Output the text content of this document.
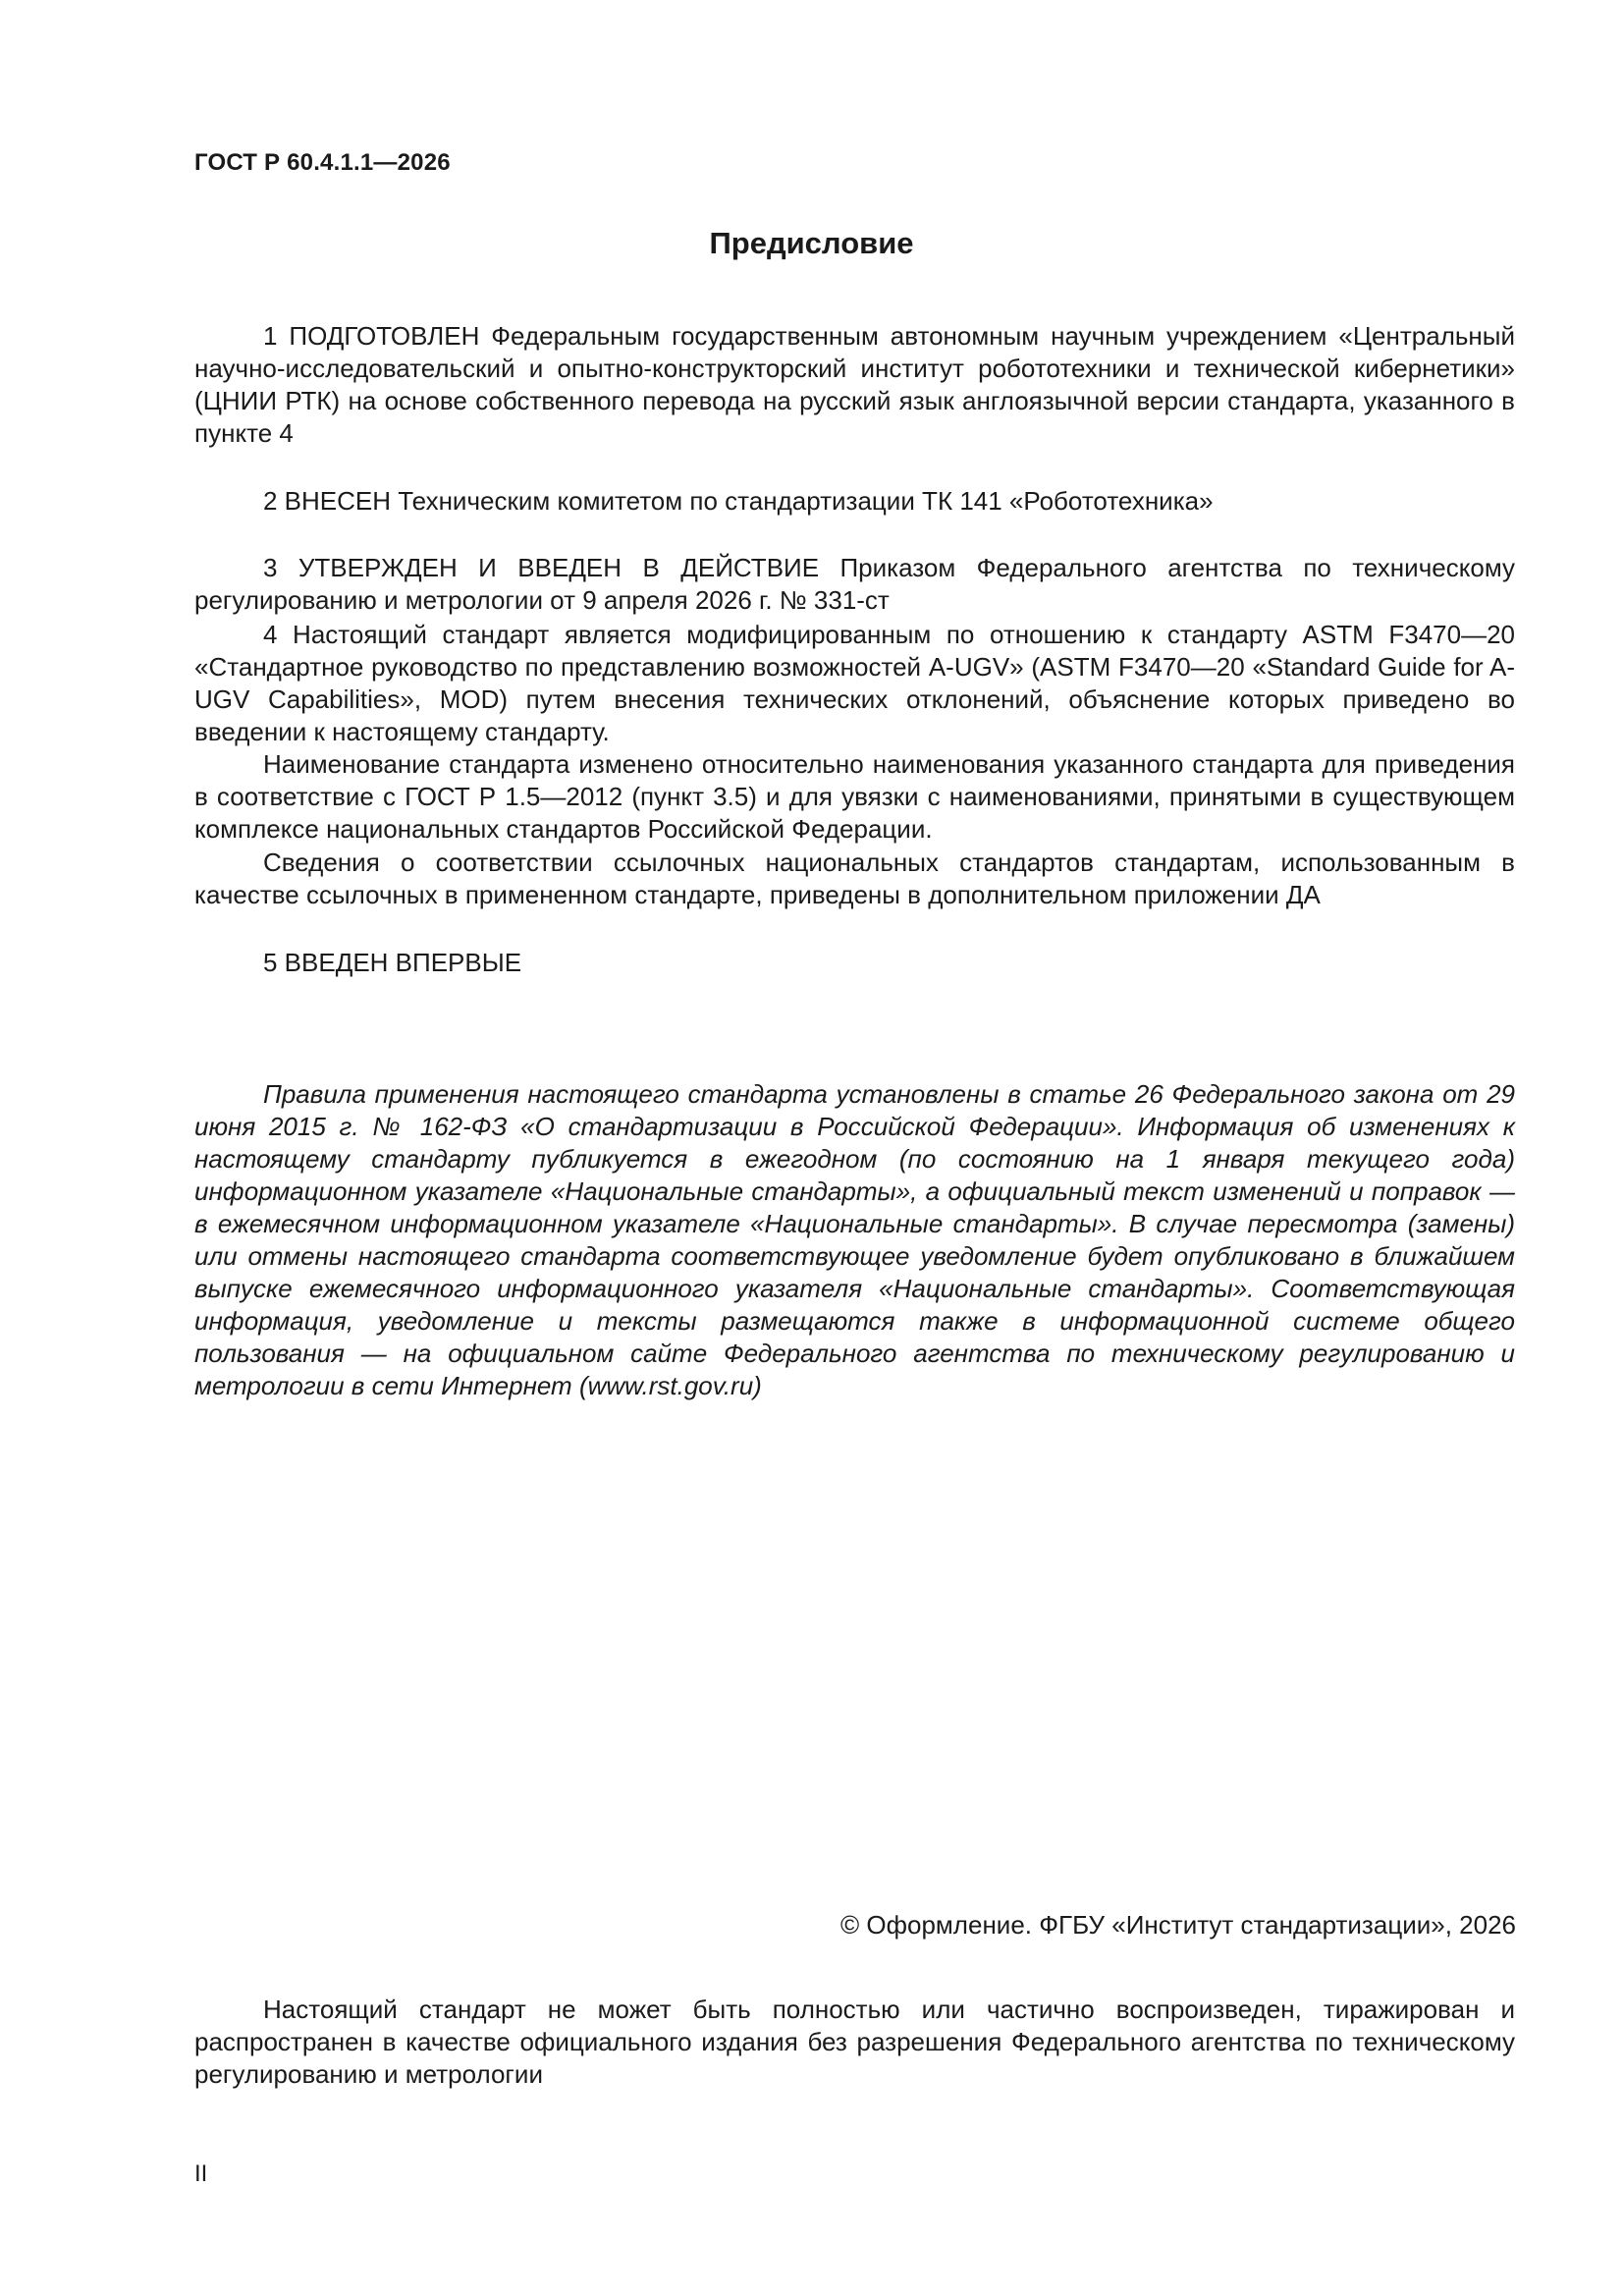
ГОСТ Р 60.4.1.1—2026
Предисловие

1 ПОДГОТОВЛЕН Федеральным государственным автономным научным учреждением «Центральный научно-исследовательский и опытно-конструкторский институт робототехники и технической кибернетики» (ЦНИИ РТК) на основе собственного перевода на русский язык англоязычной версии стандарта, указанного в пункте 4

2 ВНЕСЕН Техническим комитетом по стандартизации ТК 141 «Робототехника»

3 УТВЕРЖДЕН И ВВЕДЕН В ДЕЙСТВИЕ Приказом Федерального агентства по техническому регулированию и метрологии от 9 апреля 2026 г. № 331-ст

4 Настоящий стандарт является модифицированным по отношению к стандарту ASTM F3470—20 «Стандартное руководство по представлению возможностей A-UGV» (ASTM F3470—20 «Standard Guide for A-UGV Capabilities», MOD) путем внесения технических отклонений, объяснение которых приведено во введении к настоящему стандарту.

Наименование стандарта изменено относительно наименования указанного стандарта для приведения в соответствие с ГОСТ Р 1.5—2012 (пункт 3.5) и для увязки с наименованиями, принятыми в существующем комплексе национальных стандартов Российской Федерации.

Сведения о соответствии ссылочных национальных стандартов стандартам, использованным в качестве ссылочных в примененном стандарте, приведены в дополнительном приложении ДА

5 ВВЕДЕН ВПЕРВЫЕ

Правила применения настоящего стандарта установлены в статье 26 Федерального закона от 29 июня 2015 г. № 162-ФЗ «О стандартизации в Российской Федерации». Информация об изменениях к настоящему стандарту публикуется в ежегодном (по состоянию на 1 января текущего года) информационном указателе «Национальные стандарты», а официальный текст изменений и поправок — в ежемесячном информационном указателе «Национальные стандарты». В случае пересмотра (замены) или отмены настоящего стандарта соответствующее уведомление будет опубликовано в ближайшем выпуске ежемесячного информационного указателя «Национальные стандарты». Соответствующая информация, уведомление и тексты размещаются также в информационной системе общего пользования — на официальном сайте Федерального агентства по техническому регулированию и метрологии в сети Интернет (www.rst.gov.ru)

© Оформление. ФГБУ «Институт стандартизации», 2026

Настоящий стандарт не может быть полностью или частично воспроизведен, тиражирован и распространен в качестве официального издания без разрешения Федерального агентства по техническому регулированию и метрологии

II
